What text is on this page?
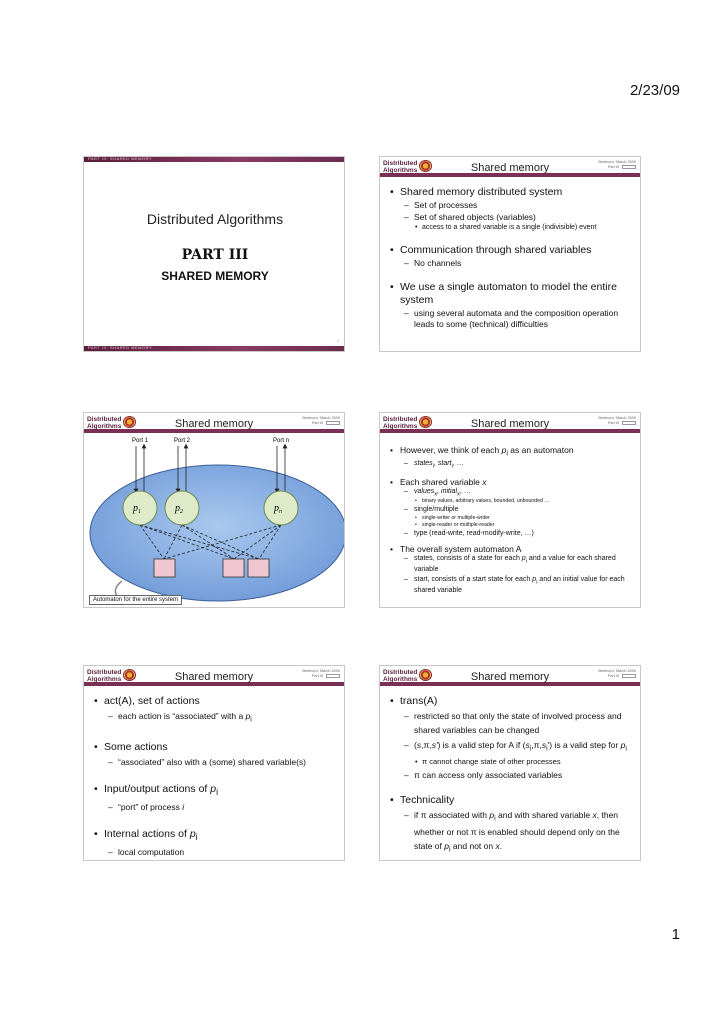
2/23/09
PART III: SHARED MEMORY
Distributed Algorithms
PART III
SHARED MEMORY
1
PART III: SHARED MEMORY
Distributed
Algorithms	Shared memory	Bertinoro, March 2009
Part III
• Shared memory distributed system
– Set of processes
– Set of shared objects (variables)
• access to a shared variable is a single (indivisible) event
• Communication through shared variables
– No channels
• We use a single automaton to model the entire system
– using several automata and the composition operation leads to some (technical) difficulties
Distributed
Algorithms	Shared memory	Bertinoro, March 2009
Part III
Port 1	Port 2	Port n
$p_1$	$p_2$	$p_n$
Automaton for the entire system
Distributed
Algorithms	Shared memory	Bertinoro, March 2009
Part III
• However, we think of each $p_i$ as an automaton
– states$_i$, start$_i$, …
• Each shared variable x
– values$_x$, initial$_x$, …
• binary values, arbitrary values, bounded, unbounded …
– single/multiple
• single-writer or multiple-writer
• single-reader or multiple-reader
– type (read-write, read-modify-write, …)
• The overall system automaton A
– states, consists of a state for each $p_i$ and a value for each shared variable
– start, consists of a start state for each $p_i$ and an initial value for each shared variable
Distributed
Algorithms	Shared memory	Bertinoro, March 2009
Part III
• act(A), set of actions
– each action is “associated” with a $p_i$
• Some actions
– “associated” also with a (some) shared variable(s)
• Input/output actions of $p_i$
– “port” of process i
• Internal actions of $p_i$
– local computation
Distributed
Algorithms	Shared memory	Bertinoro, March 2009
Part III
• trans(A)
– restricted so that only the state of involved process and shared variables can be changed
– (s,π,s') is a valid step for A if $(s_i,\pi,s_i')$ is a valid step for $p_i$
• π cannot change state of other processes
– π can access only associated variables
• Technicality
– if π associated with $p_i$ and with shared variable x, then whether or not π is enabled should depend only on the state of $p_i$ and not on x.
1
